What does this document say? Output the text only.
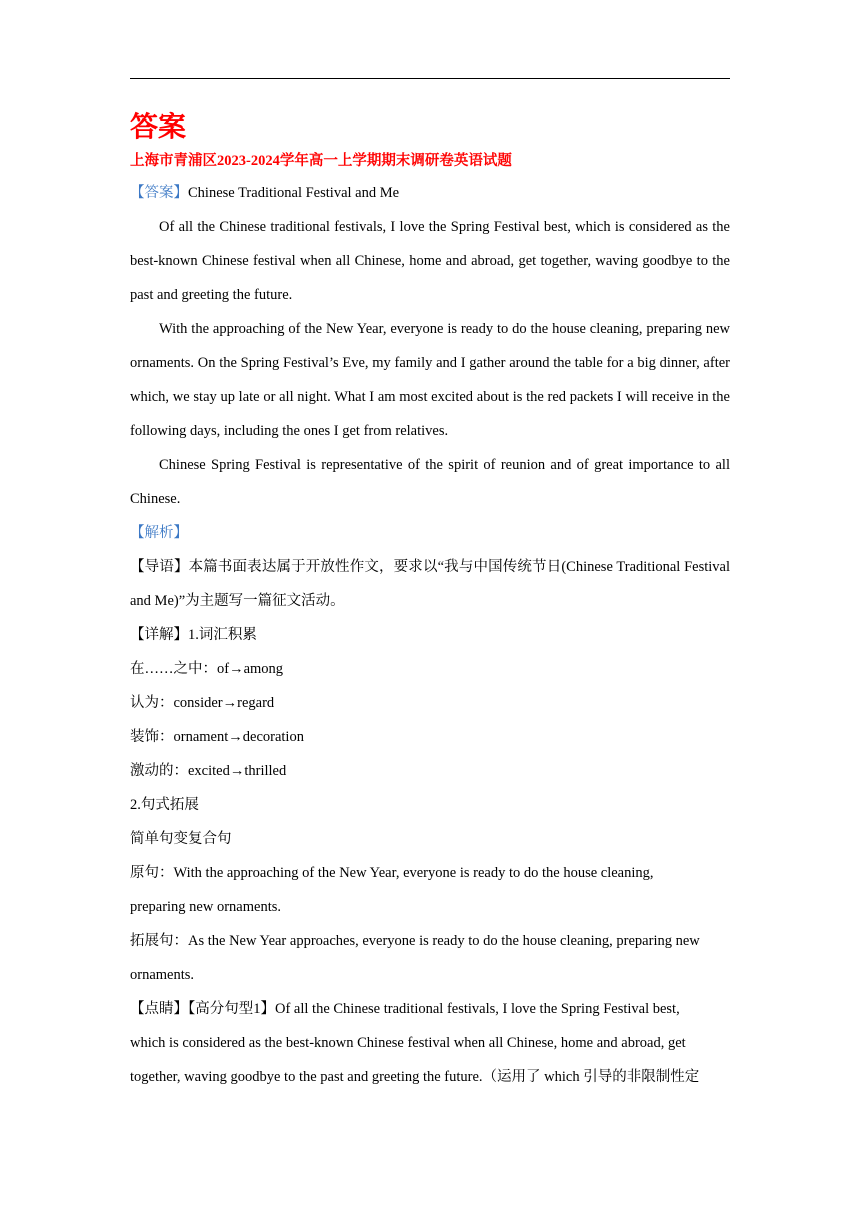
答案

上海市青浦区2023-2024学年高一上学期期末调研卷英语试题

【答案】Chinese Traditional Festival and Me

Of all the Chinese traditional festivals, I love the Spring Festival best, which is considered as the best-known Chinese festival when all Chinese, home and abroad, get together, waving goodbye to the past and greeting the future.

With the approaching of the New Year, everyone is ready to do the house cleaning, preparing new ornaments. On the Spring Festival’s Eve, my family and I gather around the table for a big dinner, after which, we stay up late or all night. What I am most excited about is the red packets I will receive in the following days, including the ones I get from relatives.

Chinese Spring Festival is representative of the spirit of reunion and of great importance to all Chinese.

【解析】

【导语】本篇书面表达属于开放性作文，要求以“我与中国传统节日(Chinese Traditional Festival and Me)”为主题写一篇征文活动。

【详解】1.词汇积累

在……之中：of→among

认为：consider→regard

装饰：ornament→decoration

激动的：excited→thrilled

2.句式拓展

简单句变复合句

原句：With the approaching of the New Year, everyone is ready to do the house cleaning,

preparing new ornaments.

拓展句：As the New Year approaches, everyone is ready to do the house cleaning, preparing new

ornaments.

【点睛】【高分句型1】Of all the Chinese traditional festivals, I love the Spring Festival best,

which is considered as the best-known Chinese festival when all Chinese, home and abroad, get

together, waving goodbye to the past and greeting the future.（运用了 which 引导的非限制性定
